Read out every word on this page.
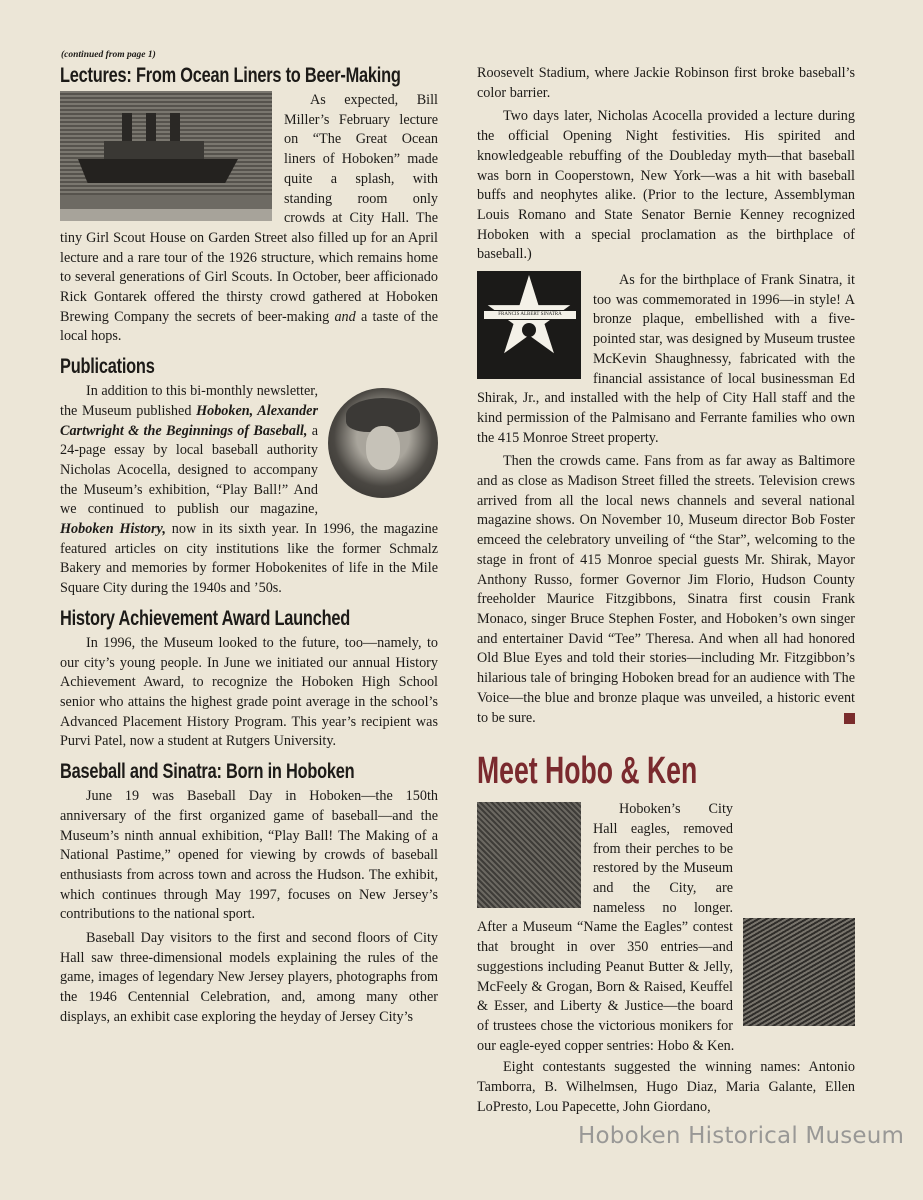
(continued from page 1)
Lectures: From Ocean Liners to Beer-Making

As expected, Bill Miller’s February lecture on “The Great Ocean liners of Hoboken” made quite a splash, with standing room only crowds at City Hall. The tiny Girl Scout House on Garden Street also filled up for an April lecture and a rare tour of the 1926 structure, which remains home to several generations of Girl Scouts. In October, beer afficionado Rick Gontarek offered the thirsty crowd gathered at Hoboken Brewing Company the secrets of beer-making and a taste of the local hops.

Publications

In addition to this bi-monthly newsletter, the Museum published Hoboken, Alexander Cartwright & the Beginnings of Baseball, a 24-page essay by local baseball authority Nicholas Acocella, designed to accompany the Museum’s exhibition, “Play Ball!” And we continued to publish our magazine, Hoboken History, now in its sixth year. In 1996, the magazine featured articles on city institutions like the former Schmalz Bakery and memories by former Hobokenites of life in the Mile Square City during the 1940s and ’50s.

History Achievement Award Launched

In 1996, the Museum looked to the future, too—namely, to our city’s young people. In June we initiated our annual History Achievement Award, to recognize the Hoboken High School senior who attains the highest grade point average in the school’s Advanced Placement History Program. This year’s recipient was Purvi Patel, now a student at Rutgers University.

Baseball and Sinatra: Born in Hoboken

June 19 was Baseball Day in Hoboken—the 150th anniversary of the first organized game of baseball—and the Museum’s ninth annual exhibition, “Play Ball! The Making of a National Pastime,” opened for viewing by crowds of baseball enthusiasts from across town and across the Hudson. The exhibit, which continues through May 1997, focuses on New Jersey’s contributions to the national sport.

Baseball Day visitors to the first and second floors of City Hall saw three-dimensional models explaining the rules of the game, images of legendary New Jersey players, photographs from the 1946 Centennial Celebration, and, among many other displays, an exhibit case exploring the heyday of Jersey City’s

Roosevelt Stadium, where Jackie Robinson first broke baseball’s color barrier.

Two days later, Nicholas Acocella provided a lecture during the official Opening Night festivities. His spirited and knowledgeable rebuffing of the Doubleday myth—that baseball was born in Cooperstown, New York—was a hit with baseball buffs and neophytes alike. (Prior to the lecture, Assemblyman Louis Romano and State Senator Bernie Kenney recognized Hoboken with a special proclamation as the birthplace of baseball.)

FRANCIS ALBERT SINATRA

As for the birthplace of Frank Sinatra, it too was commemorated in 1996—in style! A bronze plaque, embellished with a five-pointed star, was designed by Museum trustee McKevin Shaughnessy, fabricated with the financial assistance of local businessman Ed Shirak, Jr., and installed with the help of City Hall staff and the kind permission of the Palmisano and Ferrante families who own the 415 Monroe Street property.

Then the crowds came. Fans from as far away as Baltimore and as close as Madison Street filled the streets. Television crews arrived from all the local news channels and several national magazine shows. On November 10, Museum director Bob Foster emceed the celebratory unveiling of “the Star”, welcoming to the stage in front of 415 Monroe special guests Mr. Shirak, Mayor Anthony Russo, former Governor Jim Florio, Hudson County freeholder Maurice Fitzgibbons, Sinatra first cousin Frank Monaco, singer Bruce Stephen Foster, and Hoboken’s own singer and entertainer David “Tee” Theresa. And when all had honored Old Blue Eyes and told their stories—including Mr. Fitzgibbon’s hilarious tale of bringing Hoboken bread for an audience with The Voice—the blue and bronze plaque was unveiled, a historic event to be sure.

Meet Hobo & Ken

Hoboken’s City Hall eagles, removed from their perches to be restored by the Museum and the City, are nameless no longer. After a Museum “Name the Eagles” contest that brought in over 350 entries—and suggestions including Peanut Butter & Jelly, McFeely & Grogan, Born & Raised, Keuffel & Esser, and Liberty & Justice—the board of trustees chose the victorious monikers for our eagle-eyed copper sentries: Hobo & Ken.

Eight contestants suggested the winning names: Antonio Tamborra, B. Wilhelmsen, Hugo Diaz, Maria Galante, Ellen LoPresto, Lou Papecette, John Giordano,

Hoboken Historical Museum
